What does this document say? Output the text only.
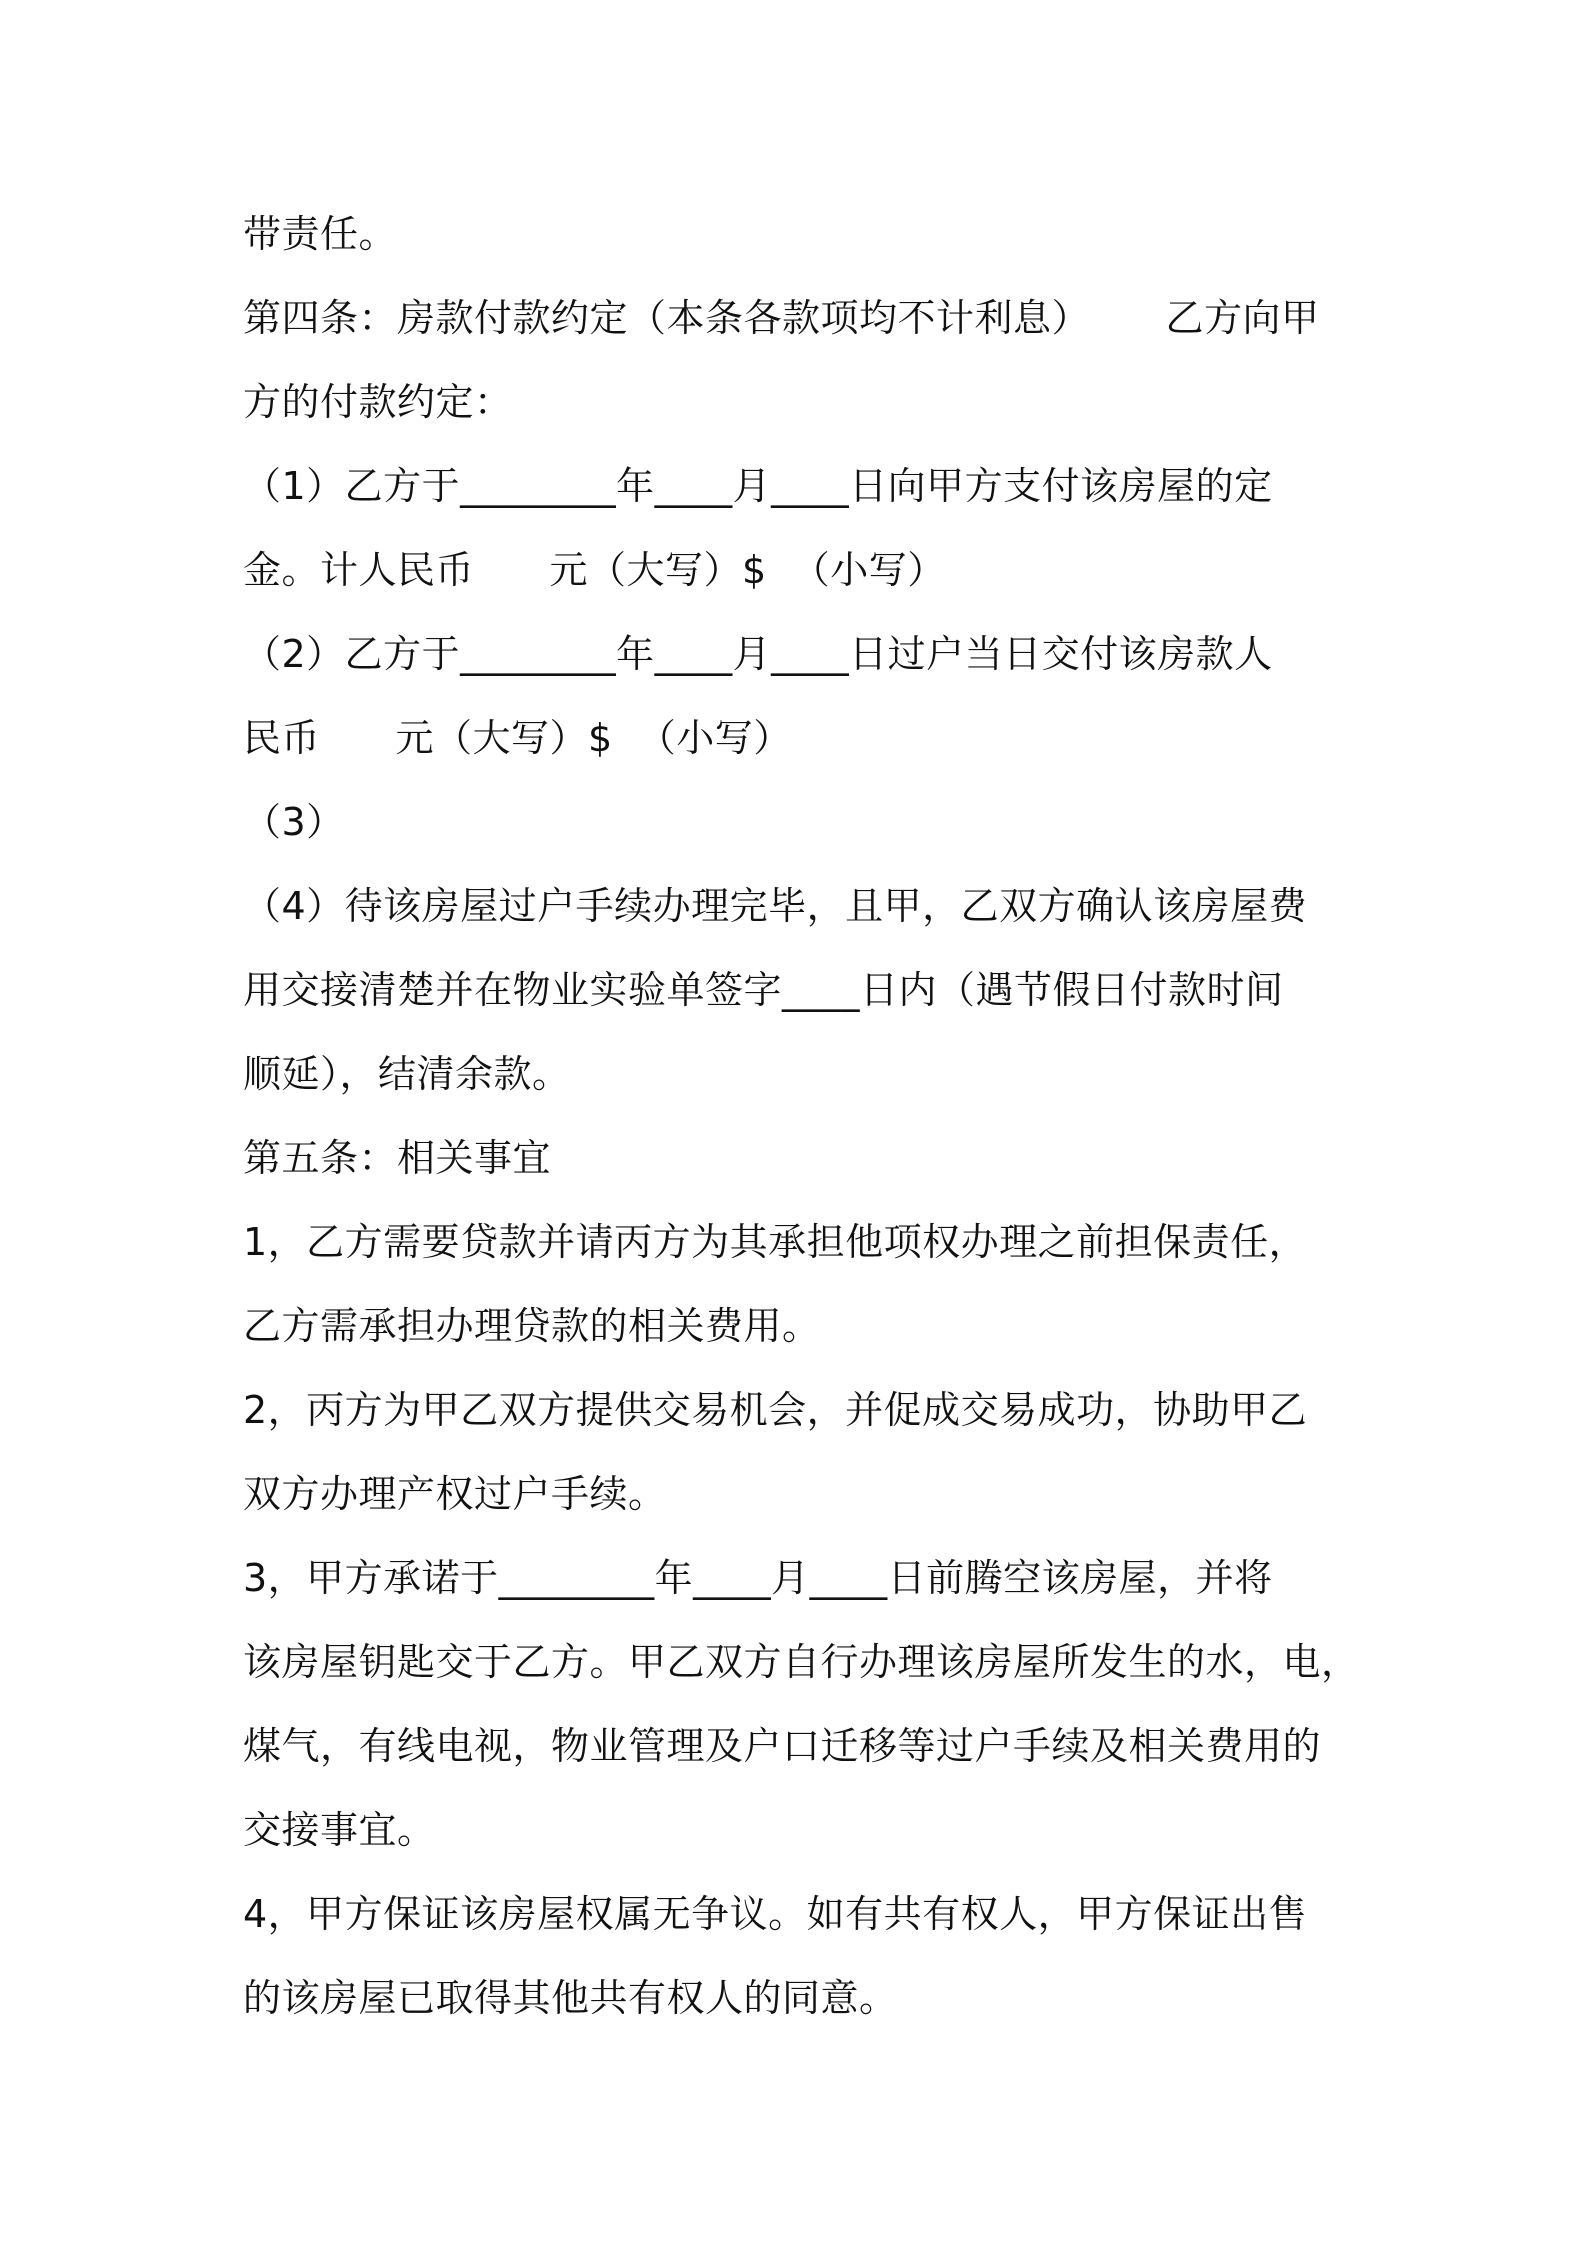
带责任。
第四条：房款付款约定（本条各款项均不计利息）      乙方向甲
方的付款约定：
（1）乙方于________年____月____日向甲方支付该房屋的定
金。计人民币      元（大写）$  （小写）
（2）乙方于________年____月____日过户当日交付该房款人
民币      元（大写）$  （小写）
（3）
（4）待该房屋过户手续办理完毕，且甲，乙双方确认该房屋费
用交接清楚并在物业实验单签字____日内（遇节假日付款时间
顺延），结清余款。
第五条：相关事宜
1，乙方需要贷款并请丙方为其承担他项权办理之前担保责任，
乙方需承担办理贷款的相关费用。
2，丙方为甲乙双方提供交易机会，并促成交易成功，协助甲乙
双方办理产权过户手续。
3，甲方承诺于________年____月____日前腾空该房屋，并将
该房屋钥匙交于乙方。甲乙双方自行办理该房屋所发生的水，电，
煤气，有线电视，物业管理及户口迁移等过户手续及相关费用的
交接事宜。
4，甲方保证该房屋权属无争议。如有共有权人，甲方保证出售
的该房屋已取得其他共有权人的同意。
